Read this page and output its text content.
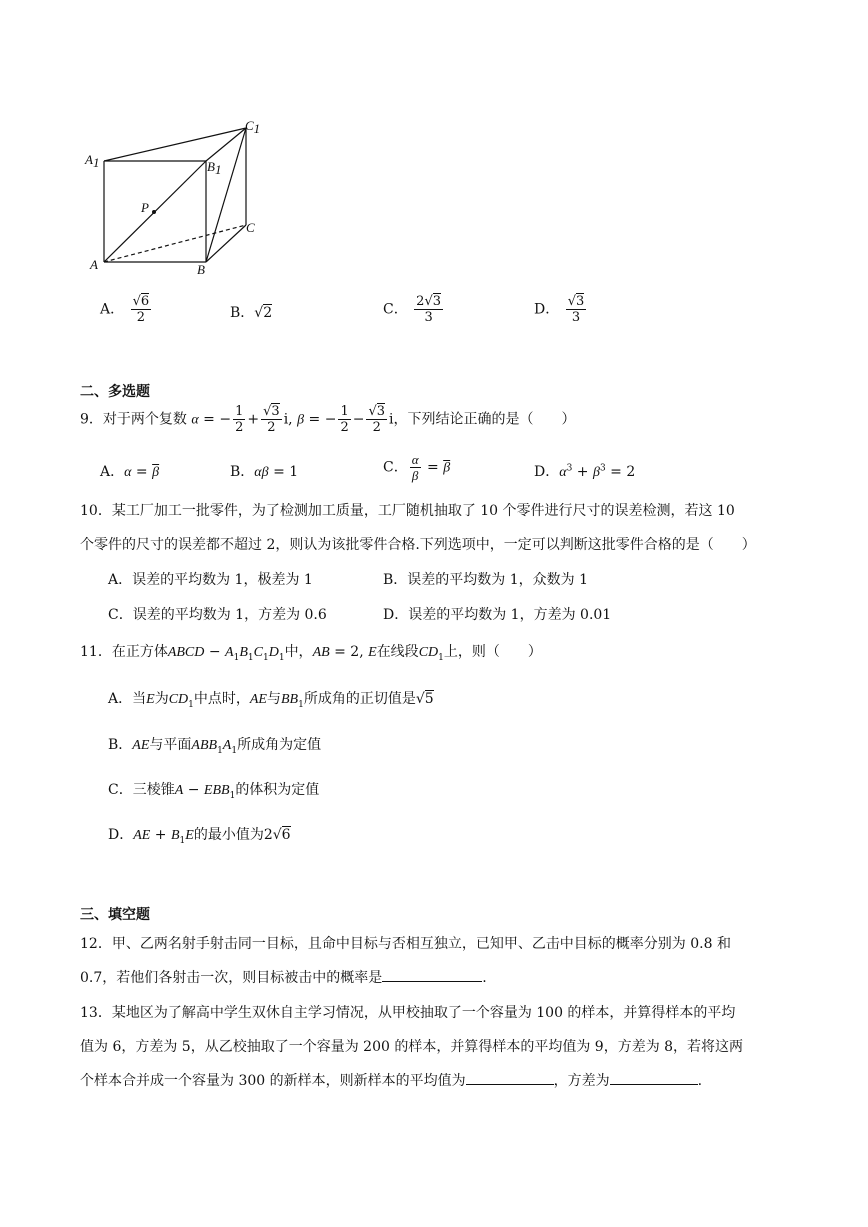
A1	B1
C1
P
A	B
C
A． $\frac{√6}{2}$	B．√2	C． $\frac{2√3}{3}$	D． $\frac{√3}{3}$
二、多选题
9．对于两个复数 α = − $\frac{1}{2} + \frac{√3}{2} i$, β = − $\frac{1}{2} - \frac{√3}{2}$ i，下列结论正确的是（　　）
A．$\alpha = \overline{\beta}$	B．αβ = 1	C． $\frac{\alpha}{\beta} = \overline{\beta}$	D．$\alpha^3 + \beta^3 = 2$
10．某工厂加工一批零件，为了检测加工质量，工厂随机抽取了 10 个零件进行尺寸的误差检测，若这 10
个零件的尺寸的误差都不超过 2，则认为该批零件合格.下列选项中，一定可以判断这批零件合格的是（　　）
A．误差的平均数为 1，极差为 1	B．误差的平均数为 1，众数为 1
C．误差的平均数为 1，方差为 0.6	D．误差的平均数为 1，方差为 0.01
11．在正方体ABCD − $A_1B_1C_1D_1$中，AB = 2, E在线段$CD_1$上，则（　　）
A．当E为$CD_1$中点时，AE与$BB_1$所成角的正切值是√5
B．AE与平面$ABB_1A_1$所成角为定值
C．三棱锥$A - EBB_1$的体积为定值
D．AE + $B_1E$的最小值为2√6
三、填空题
12．甲、乙两名射手射击同一目标，且命中目标与否相互独立，已知甲、乙击中目标的概率分别为 0.8 和
0.7，若他们各射击一次，则目标被击中的概率是	.
13．某地区为了解高中学生双休自主学习情况，从甲校抽取了一个容量为 100 的样本，并算得样本的平均
值为 6，方差为 5，从乙校抽取了一个容量为 200 的样本，并算得样本的平均值为 9，方差为 8，若将这两
个样本合并成一个容量为 300 的新样本，则新样本的平均值为	，方差为	.
